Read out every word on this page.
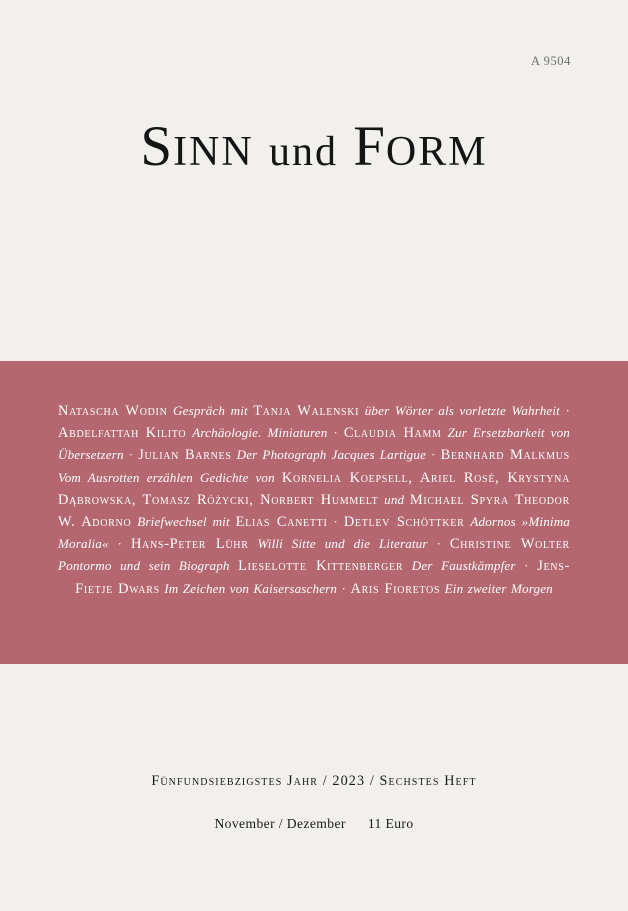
A 9504
SINN und FORM
Natascha Wodin Gespräch mit Tanja Walenski über Wörter als vorletzte Wahrheit · Abdelfattah Kilito Archäologie. Miniaturen · Claudia Hamm Zur Ersetzbarkeit von Übersetzern · Julian Barnes Der Photograph Jacques Lartigue · Bernhard Malkmus Vom Ausrotten erzählen Gedichte von Kornelia Koepsell, Ariel Rosé, Krystyna Dąbrowska, Tomasz Różycki, Norbert Hummelt und Michael Spyra Theodor W. Adorno Briefwechsel mit Elias Canetti · Detlev Schöttker Adornos »Minima Moralia« · Hans-Peter Lühr Willi Sitte und die Literatur · Christine Wolter Pontormo und sein Biograph Lieselotte Kittenberger Der Faustkämpfer · Jens-Fietje Dwars Im Zeichen von Kaisersaschern · Aris Fioretos Ein zweiter Morgen
Fünfundsiebzigstes Jahr / 2023 / Sechstes Heft
November / Dezember 11 Euro
